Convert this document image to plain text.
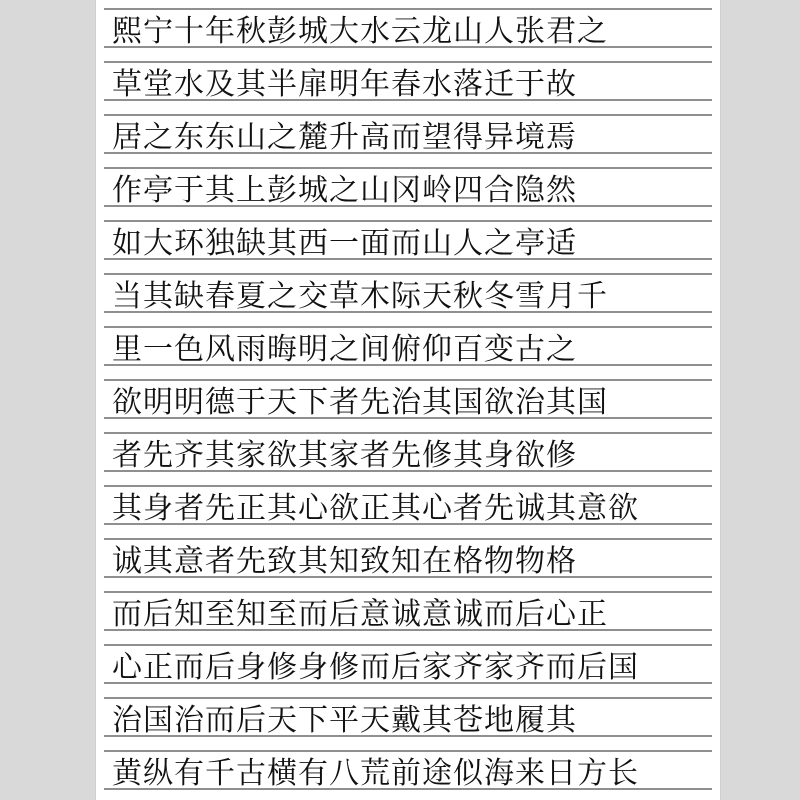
熙宁十年秋彭城大水云龙山人张君之
草堂水及其半扉明年春水落迁于故
居之东东山之麓升高而望得异境焉
作亭于其上彭城之山冈岭四合隐然
如大环独缺其西一面而山人之亭适
当其缺春夏之交草木际天秋冬雪月千
里一色风雨晦明之间俯仰百变古之
欲明明德于天下者先治其国欲治其国
者先齐其家欲其家者先修其身欲修
其身者先正其心欲正其心者先诚其意欲
诚其意者先致其知致知在格物物格
而后知至知至而后意诚意诚而后心正
心正而后身修身修而后家齐家齐而后国
治国治而后天下平天戴其苍地履其
黄纵有千古横有八荒前途似海来日方长
